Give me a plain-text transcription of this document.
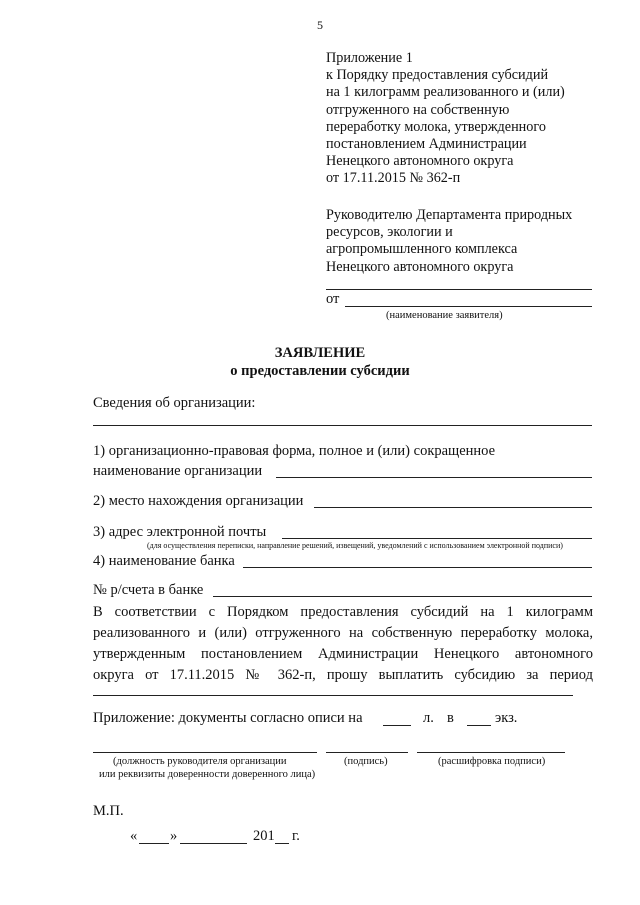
5
Приложение 1
к Порядку предоставления субсидий
на 1 килограмм реализованного и (или)
отгруженного на собственную
переработку молока, утвержденного
постановлением Администрации
Ненецкого автономного округа
от 17.11.2015 № 362-п
Руководителю Департамента природных
ресурсов, экологии и
агропромышленного комплекса
Ненецкого автономного округа
от
(наименование заявителя)
ЗАЯВЛЕНИЕ
о предоставлении субсидии
Сведения об организации:
1) организационно-правовая форма, полное и (или) сокращенное
наименование организации
2) место нахождения организации
3) адрес электронной почты
(для осуществления переписки, направление решений, извещений, уведомлений с использованием электронной подписи)
4) наименование банка
№ р/счета в банке
В соответствии с Порядком предоставления субсидий на 1 килограмм
реализованного и (или) отгруженного на собственную переработку молока,
утвержденным постановлением Администрации Ненецкого автономного
округа от 17.11.2015 № 362-п, прошу выплатить субсидию за период
Приложение: документы согласно описи на	л. в	экз.
(должность руководителя организации
или реквизиты доверенности доверенного лица)
(подпись)	(расшифровка подписи)
М.П.
« »	201 г.
